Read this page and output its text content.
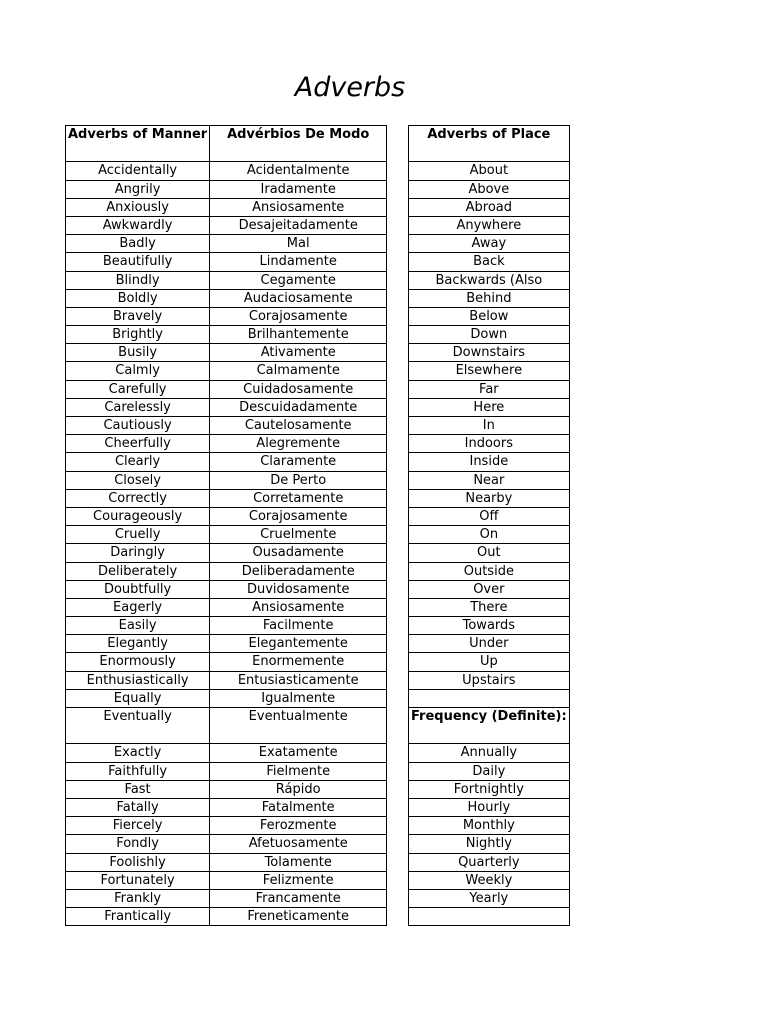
Adverbs
Adverbs of Manner	Advérbios De Modo
Accidentally	Acidentalmente
Angrily	Iradamente
Anxiously	Ansiosamente
Awkwardly	Desajeitadamente
Badly	Mal
Beautifully	Lindamente
Blindly	Cegamente
Boldly	Audaciosamente
Bravely	Corajosamente
Brightly	Brilhantemente
Busily	Ativamente
Calmly	Calmamente
Carefully	Cuidadosamente
Carelessly	Descuidadamente
Cautiously	Cautelosamente
Cheerfully	Alegremente
Clearly	Claramente
Closely	De Perto
Correctly	Corretamente
Courageously	Corajosamente
Cruelly	Cruelmente
Daringly	Ousadamente
Deliberately	Deliberadamente
Doubtfully	Duvidosamente
Eagerly	Ansiosamente
Easily	Facilmente
Elegantly	Elegantemente
Enormously	Enormemente
Enthusiastically	Entusiasticamente
Equally	Igualmente
Eventually	Eventualmente
Exactly	Exatamente
Faithfully	Fielmente
Fast	Rápido
Fatally	Fatalmente
Fiercely	Ferozmente
Fondly	Afetuosamente
Foolishly	Tolamente
Fortunately	Felizmente
Frankly	Francamente
Frantically	Freneticamente
Adverbs of Place
About
Above
Abroad
Anywhere
Away
Back
Backwards (Also
Behind
Below
Down
Downstairs
Elsewhere
Far
Here
In
Indoors
Inside
Near
Nearby
Off
On
Out
Outside
Over
There
Towards
Under
Up
Upstairs

Frequency (Definite):
Annually
Daily
Fortnightly
Hourly
Monthly
Nightly
Quarterly
Weekly
Yearly
